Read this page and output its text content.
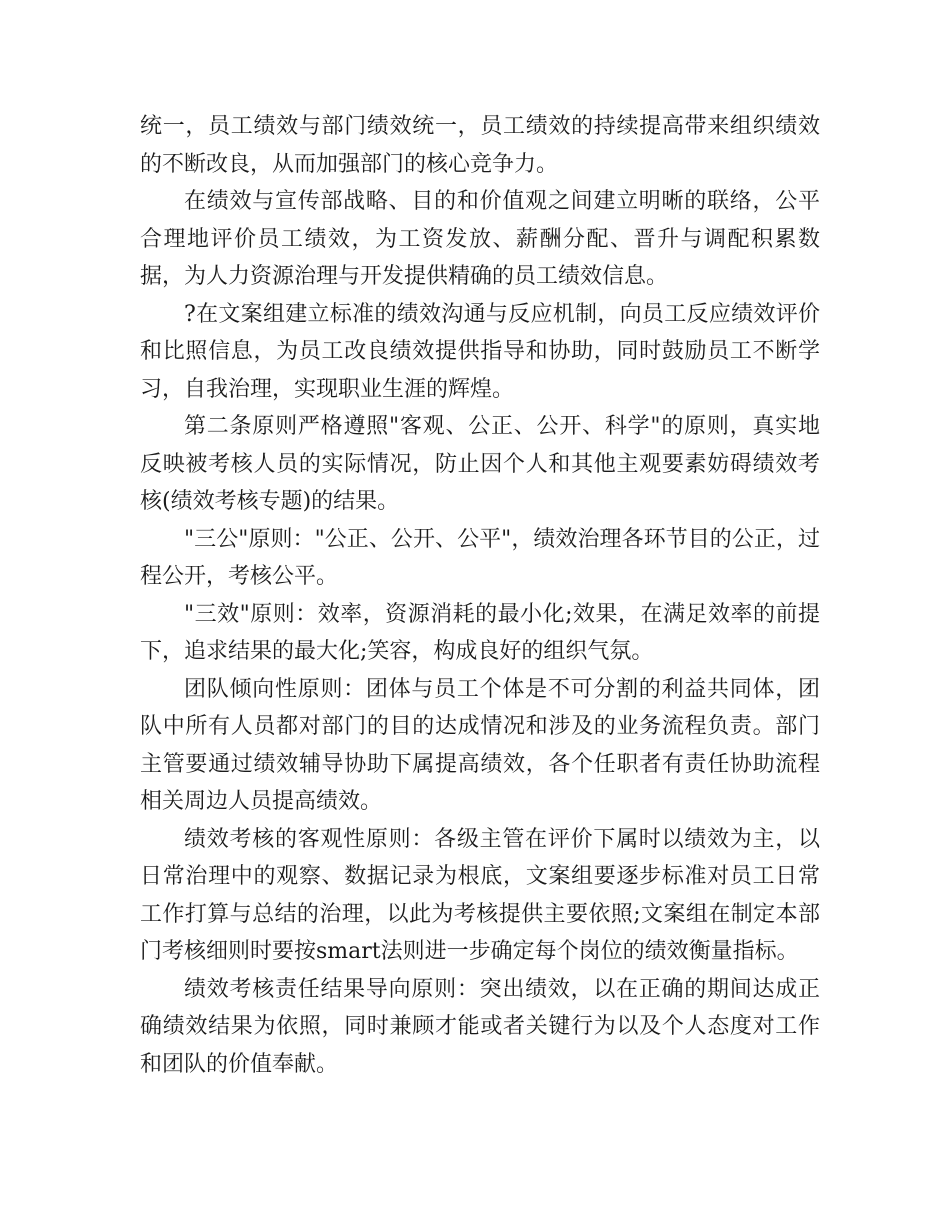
统一，员工绩效与部门绩效统一，员工绩效的持续提高带来组织绩效的不断改良，从而加强部门的核心竞争力。

在绩效与宣传部战略、目的和价值观之间建立明晰的联络，公平合理地评价员工绩效，为工资发放、薪酬分配、晋升与调配积累数据，为人力资源治理与开发提供精确的员工绩效信息。

?在文案组建立标准的绩效沟通与反应机制，向员工反应绩效评价和比照信息，为员工改良绩效提供指导和协助，同时鼓励员工不断学习，自我治理，实现职业生涯的辉煌。

第二条原则严格遵照"客观、公正、公开、科学"的原则，真实地反映被考核人员的实际情况，防止因个人和其他主观要素妨碍绩效考核(绩效考核专题)的结果。

"三公"原则："公正、公开、公平"，绩效治理各环节目的公正，过程公开，考核公平。

"三效"原则：效率，资源消耗的最小化;效果，在满足效率的前提下，追求结果的最大化;笑容，构成良好的组织气氛。

团队倾向性原则：团体与员工个体是不可分割的利益共同体，团队中所有人员都对部门的目的达成情况和涉及的业务流程负责。部门主管要通过绩效辅导协助下属提高绩效，各个任职者有责任协助流程相关周边人员提高绩效。

绩效考核的客观性原则：各级主管在评价下属时以绩效为主，以日常治理中的观察、数据记录为根底，文案组要逐步标准对员工日常工作打算与总结的治理，以此为考核提供主要依照;文案组在制定本部门考核细则时要按smart法则进一步确定每个岗位的绩效衡量指标。

绩效考核责任结果导向原则：突出绩效，以在正确的期间达成正确绩效结果为依照，同时兼顾才能或者关键行为以及个人态度对工作和团队的价值奉献。
